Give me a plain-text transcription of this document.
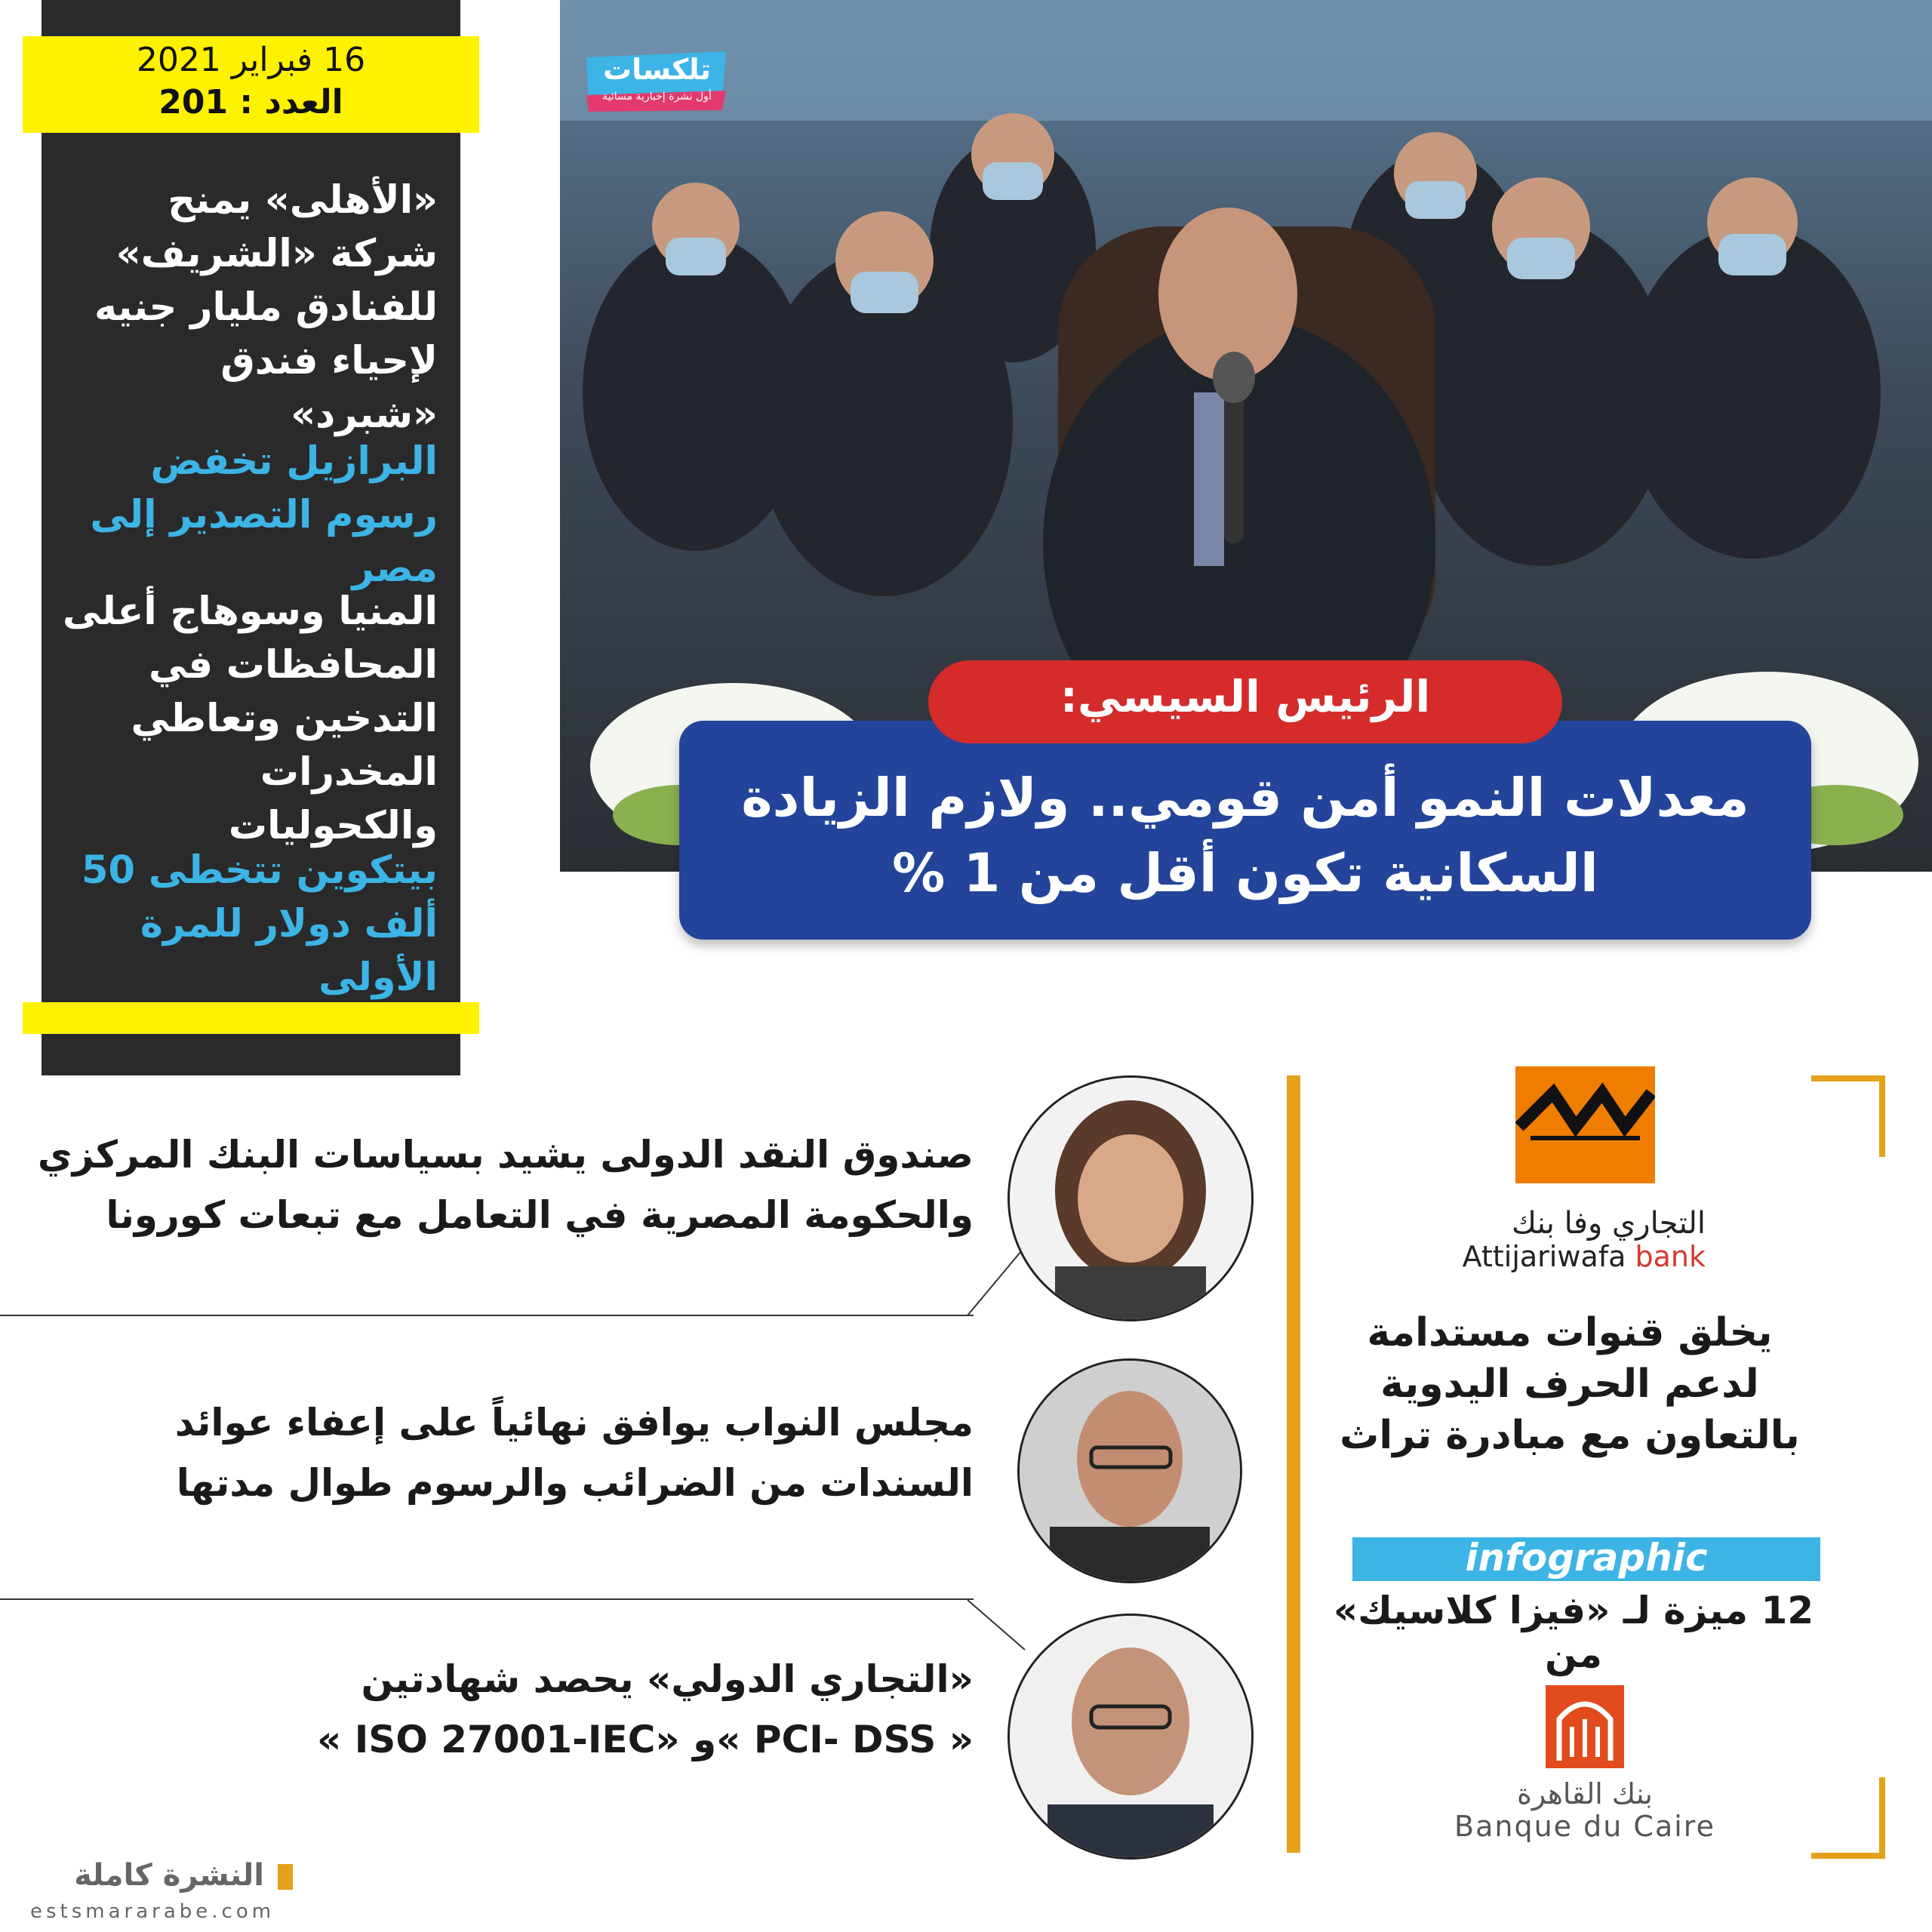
16 فبراير 2021
العدد : 201
«الأهلى» يمنح شركة «الشريف» للفنادق مليار جنيه لإحياء فندق «شبرد»
البرازيل تخفض رسوم التصدير إلى مصر
المنيا وسوهاج أعلى المحافظات في التدخين وتعاطي المخدرات والكحوليات
بيتكوين تتخطى 50 ألف دولار للمرة الأولى
تلكسات
أول نشرة إخبارية مسائية
الرئيس السيسي:
معدلات النمو أمن قومي.. ولازم الزيادة
السكانية تكون أقل من 1 %
صندوق النقد الدولى يشيد بسياسات البنك المركزي
والحكومة المصرية في التعامل مع تبعات كورونا
مجلس النواب يوافق نهائياً على إعفاء عوائد
السندات من الضرائب والرسوم طوال مدتها
«التجاري الدولي» يحصد شهادتين
« PCI- DSS »و «ISO 27001-IEC »
التجاري وفا بنك
Attijariwafa bank
يخلق قنوات مستدامة لدعم الحرف اليدوية بالتعاون مع مبادرة تراث
infographic
12 ميزة لـ «فيزا كلاسيك» من
بنك القاهرة
Banque du Caire
النشرة كاملة
estsmararabe.com
